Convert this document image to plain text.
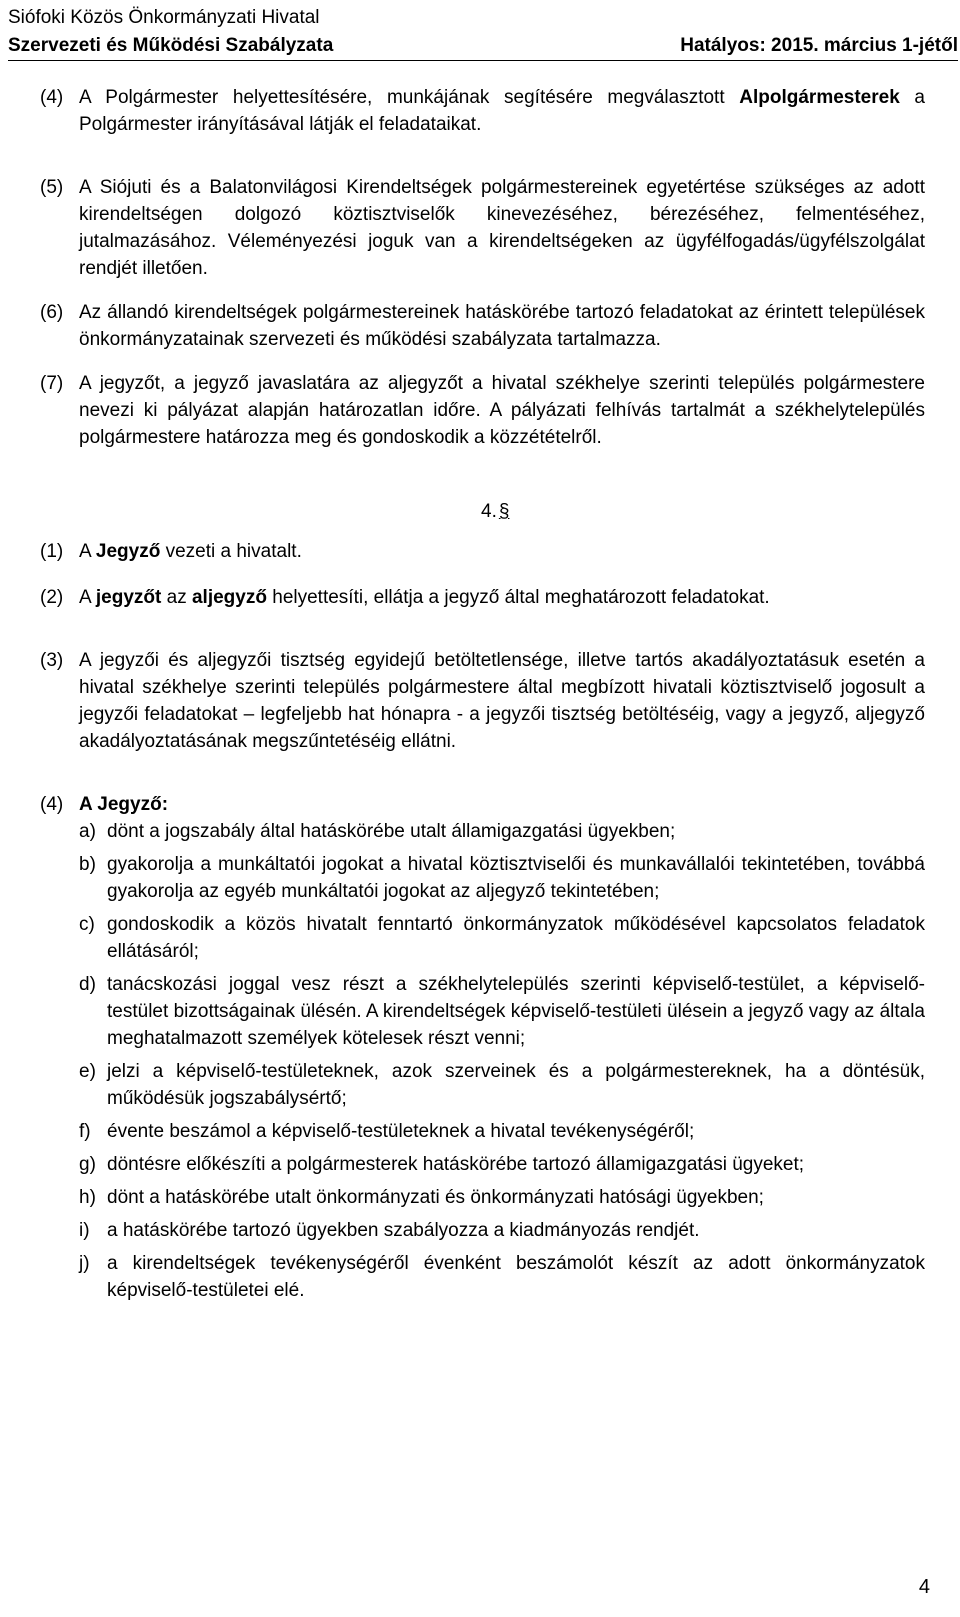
Siófoki Közös Önkormányzati Hivatal
Szervezeti és Működési Szabályzata	Hatályos: 2015. március 1-jétől

(4) A Polgármester helyettesítésére, munkájának segítésére megválasztott Alpolgármesterek a Polgármester irányításával látják el feladataikat.

(5) A Siójuti és a Balatonvilágosi Kirendeltségek polgármestereinek egyetértése szükséges az adott kirendeltségen dolgozó köztisztviselők kinevezéséhez, bérezéséhez, felmentéséhez, jutalmazásához. Véleményezési joguk van a kirendeltségeken az ügyfélfogadás/ügyfélszolgálat rendjét illetően.

(6) Az állandó kirendeltségek polgármestereinek hatáskörébe tartozó feladatokat az érintett települések önkormányzatainak szervezeti és működési szabályzata tartalmazza.

(7) A jegyzőt, a jegyző javaslatára az aljegyzőt a hivatal székhelye szerinti település polgármestere nevezi ki pályázat alapján határozatlan időre. A pályázati felhívás tartalmát a székhelytelepülés polgármestere határozza meg és gondoskodik a közzétételről.

4. §

(1) A Jegyző vezeti a hivatalt.

(2) A jegyzőt az aljegyző helyettesíti, ellátja a jegyző által meghatározott feladatokat.

(3) A jegyzői és aljegyzői tisztség egyidejű betöltetlensége, illetve tartós akadályoztatásuk esetén a hivatal székhelye szerinti település polgármestere által megbízott hivatali köztisztviselő jogosult a jegyzői feladatokat – legfeljebb hat hónapra - a jegyzői tisztség betöltéséig, vagy a jegyző, aljegyző akadályoztatásának megszűntetéséig ellátni.

(4) A Jegyző:

a) dönt a jogszabály által hatáskörébe utalt államigazgatási ügyekben;
b) gyakorolja a munkáltatói jogokat a hivatal köztisztviselői és munkavállalói tekintetében, továbbá gyakorolja az egyéb munkáltatói jogokat az aljegyző tekintetében;
c) gondoskodik a közös hivatalt fenntartó önkormányzatok működésével kapcsolatos feladatok ellátásáról;
d) tanácskozási joggal vesz részt a székhelytelepülés szerinti képviselő-testület, a képviselő-testület bizottságainak ülésén. A kirendeltségek képviselő-testületi ülésein a jegyző vagy az általa meghatalmazott személyek kötelesek részt venni;
e) jelzi a képviselő-testületeknek, azok szerveinek és a polgármestereknek, ha a döntésük, működésük jogszabálysértő;
f) évente beszámol a képviselő-testületeknek a hivatal tevékenységéről;
g) döntésre előkészíti a polgármesterek hatáskörébe tartozó államigazgatási ügyeket;
h) dönt a hatáskörébe utalt önkormányzati és önkormányzati hatósági ügyekben;
i) a hatáskörébe tartozó ügyekben szabályozza a kiadmányozás rendjét.
j) a kirendeltségek tevékenységéről évenként beszámolót készít az adott önkormányzatok képviselő-testületei elé.
4
